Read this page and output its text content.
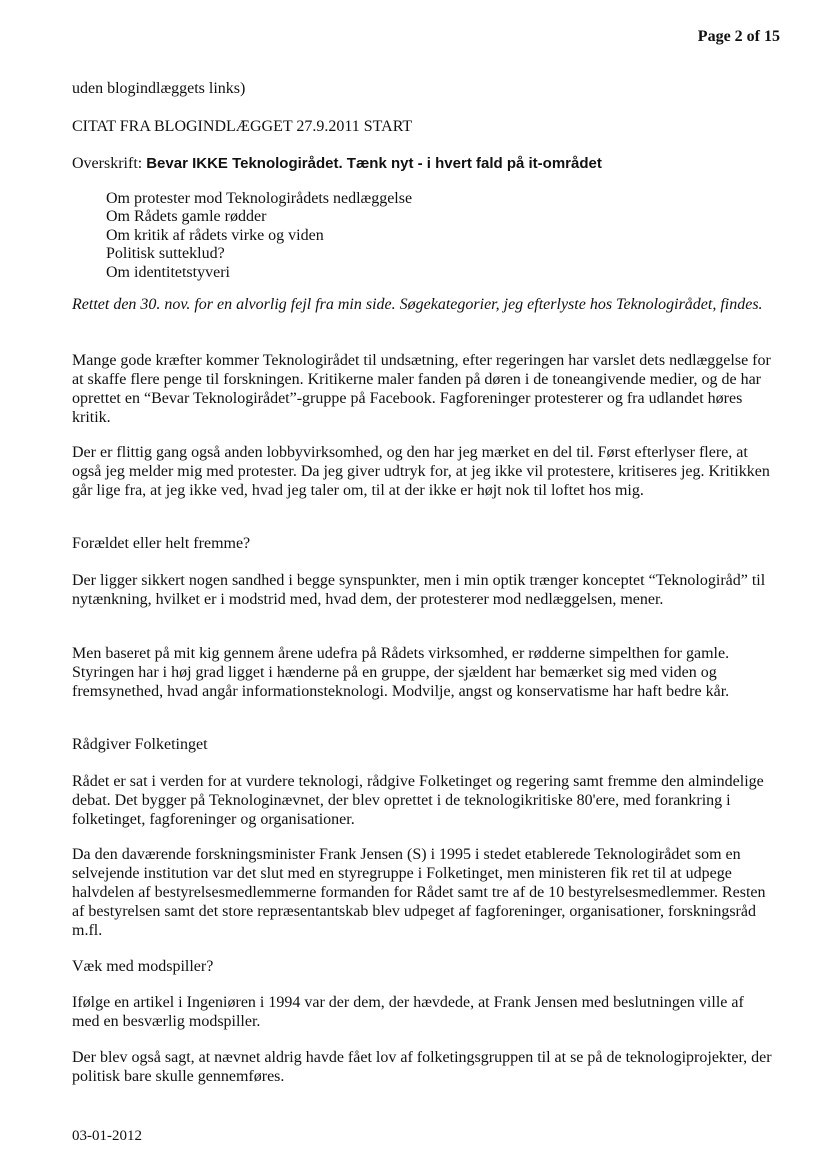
Page 2 of 15

uden blogindlæggets links)

CITAT FRA BLOGINDLÆGGET 27.9.2011 START

Overskrift: Bevar IKKE Teknologirådet. Tænk nyt - i hvert fald på it-området

Om protester mod Teknologirådets nedlæggelse
Om Rådets gamle rødder
Om kritik af rådets virke og viden
Politisk sutteklud?
Om identitetstyveri

Rettet den 30. nov. for en alvorlig fejl fra min side. Søgekategorier, jeg efterlyste hos Teknologirådet, findes.

Mange gode kræfter kommer Teknologirådet til undsætning, efter regeringen har varslet dets nedlæggelse for at skaffe flere penge til forskningen. Kritikerne maler fanden på døren i de toneangivende medier, og de har oprettet en “Bevar Teknologirådet”-gruppe på Facebook. Fagforeninger protesterer og fra udlandet høres kritik.

Der er flittig gang også anden lobbyvirksomhed, og den har jeg mærket en del til. Først efterlyser flere, at også jeg melder mig med protester. Da jeg giver udtryk for, at jeg ikke vil protestere, kritiseres jeg. Kritikken går lige fra, at jeg ikke ved, hvad jeg taler om, til at der ikke er højt nok til loftet hos mig.

Forældet eller helt fremme?

Der ligger sikkert nogen sandhed i begge synspunkter, men i min optik trænger konceptet “Teknologiråd” til nytænkning, hvilket er i modstrid med, hvad dem, der protesterer mod nedlæggelsen, mener.

Men baseret på mit kig gennem årene udefra på Rådets virksomhed, er rødderne simpelthen for gamle. Styringen har i høj grad ligget i hænderne på en gruppe, der sjældent har bemærket sig med viden og fremsynethed, hvad angår informationsteknologi. Modvilje, angst og konservatisme har haft bedre kår.

Rådgiver Folketinget

Rådet er sat i verden for at vurdere teknologi, rådgive Folketinget og regering samt fremme den almindelige debat. Det bygger på Teknologinævnet, der blev oprettet i de teknologikritiske 80'ere, med forankring i folketinget, fagforeninger og organisationer.

Da den daværende forskningsminister Frank Jensen (S) i 1995 i stedet etablerede Teknologirådet som en selvejende institution var det slut med en styregruppe i Folketinget, men ministeren fik ret til at udpege halvdelen af bestyrelsesmedlemmerne formanden for Rådet samt tre af de 10 bestyrelsesmedlemmer. Resten af bestyrelsen samt det store repræsentantskab blev udpeget af fagforeninger, organisationer, forskningsråd m.fl.

Væk med modspiller?

Ifølge en artikel i Ingeniøren i 1994 var der dem, der hævdede, at Frank Jensen med beslutningen ville af med en besværlig modspiller.

Der blev også sagt, at nævnet aldrig havde fået lov af folketingsgruppen til at se på de teknologiprojekter, der politisk bare skulle gennemføres.

03-01-2012
